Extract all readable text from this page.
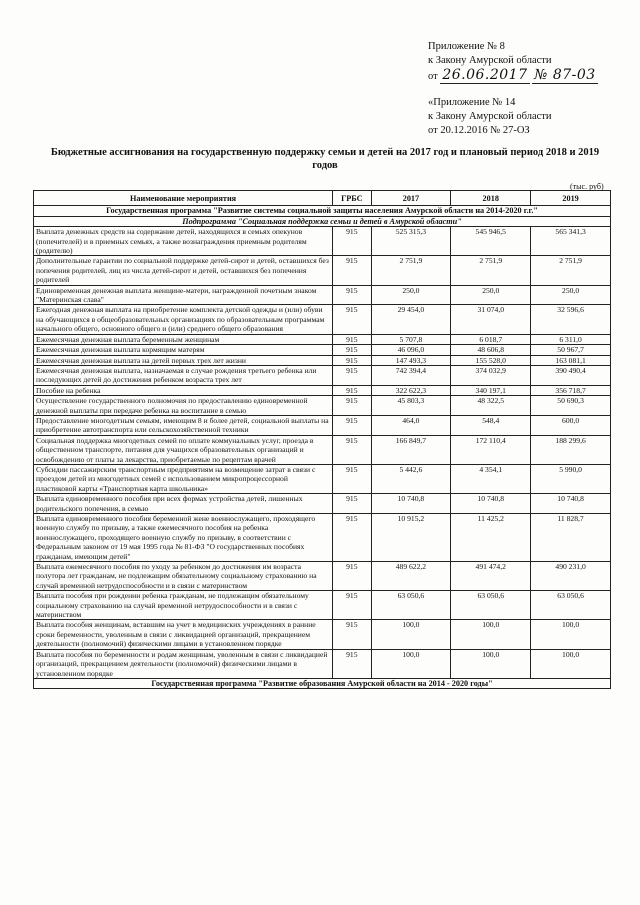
Приложение № 8
к Закону Амурской области
от 26.06.2017 № 87-03
«Приложение № 14
к Закону Амурской области
от 20.12.2016 № 27-ОЗ
Бюджетные ассигнования на государственную поддержку семьи и детей на 2017 год и плановый период 2018 и 2019 годов
(тыс. руб)
Наименование мероприятия	ГРБС	2017	2018	2019
Государственная программа "Развитие системы социальной защиты населения Амурской области на 2014-2020 г.г."				
Подпрограмма "Социальная поддержка семьи и детей в Амурской области"				
Выплата денежных средств на содержание детей, находящихся в семьях опекунов (попечителей) и в приемных семьях, а также вознаграждения приемным родителям (родителю)	915	525 315,3	545 946,5	565 341,3
Дополнительные гарантии по социальной поддержке детей-сирот и детей, оставшихся без попечения родителей, лиц из числа детей-сирот и детей, оставшихся без попечения родителей	915	2 751,9	2 751,9	2 751,9
Единовременная денежная выплата женщине-матери, награжденной почетным знаком "Материнская слава"	915	250,0	250,0	250,0
Ежегодная денежная выплата на приобретение комплекта детской одежды и (или) обуви на обучающихся в общеобразовательных организациях по образовательным программам начального общего, основного общего и (или) среднего общего образования	915	29 454,0	31 074,0	32 596,6
Ежемесячная денежная выплата беременным женщинам	915	5 707,8	6 018,7	6 311,0
Ежемесячная денежная выплата кормящим матерям	915	46 096,0	48 606,8	50 967,7
Ежемесячная денежная выплата на детей первых трех лет жизни	915	147 493,3	155 528,0	163 081,1
Ежемесячная денежная выплата, назначаемая в случае рождения третьего ребенка или последующих детей до достижения ребенком возраста трех лет	915	742 394,4	374 032,9	390 490,4
Пособие на ребенка	915	322 622,3	340 197,1	356 718,7
Осуществление государственного полномочия по предоставлению единовременной денежной выплаты при передаче ребенка на воспитание в семью	915	45 803,3	48 322,5	50 690,3
Предоставление многодетным семьям, имеющим 8 и более детей, социальной выплаты на приобретение автотранспорта или сельскохозяйственной техники	915	464,0	548,4	600,0
Социальная поддержка многодетных семей по оплате коммунальных услуг, проезда в общественном транспорте, питания для учащихся образовательных организаций и освобождению от платы за лекарства, приобретаемые по рецептам врачей	915	166 849,7	172 110,4	188 299,6
Субсидии пассажирским транспортным предприятиям на возмещение затрат в связи с проездом детей из многодетных семей с использованием микропроцессорной пластиковой карты «Транспортная карта школьника»	915	5 442,6	4 354,1	5 990,0
Выплата единовременного пособия при всех формах устройства детей, лишенных родительского попечения, в семью	915	10 740,8	10 740,8	10 740,8
Выплата единовременного пособия беременной жене военнослужащего, проходящего военную службу по призыву, а также ежемесячного пособия на ребенка военнослужащего, проходящего военную службу по призыву, в соответствии с Федеральным законом от 19 мая 1995 года № 81-ФЗ "О государственных пособиях гражданам, имеющим детей"	915	10 915,2	11 425,2	11 828,7
Выплата ежемесячного пособия по уходу за ребенком до достижения им возраста полутора лет гражданам, не подлежащим обязательному социальному страхованию на случай временной нетрудоспособности и в связи с материнством	915	489 622,2	491 474,2	490 231,0
Выплата пособия при рождении ребенка гражданам, не подлежащим обязательному социальному страхованию на случай временной нетрудоспособности и в связи с материнством	915	63 050,6	63 050,6	63 050,6
Выплата пособия женщинам, вставшим на учет в медицинских учреждениях в ранние сроки беременности, уволенным в связи с ликвидацией организаций, прекращением деятельности (полномочий) физическими лицами в установленном порядке	915	100,0	100,0	100,0
Выплата пособия по беременности и родам женщинам, уволенным в связи с ликвидацией организаций, прекращением деятельности (полномочий) физическими лицами в установленном порядке	915	100,0	100,0	100,0
Государственная программа "Развитие образования Амурской области на 2014 - 2020 годы"				
